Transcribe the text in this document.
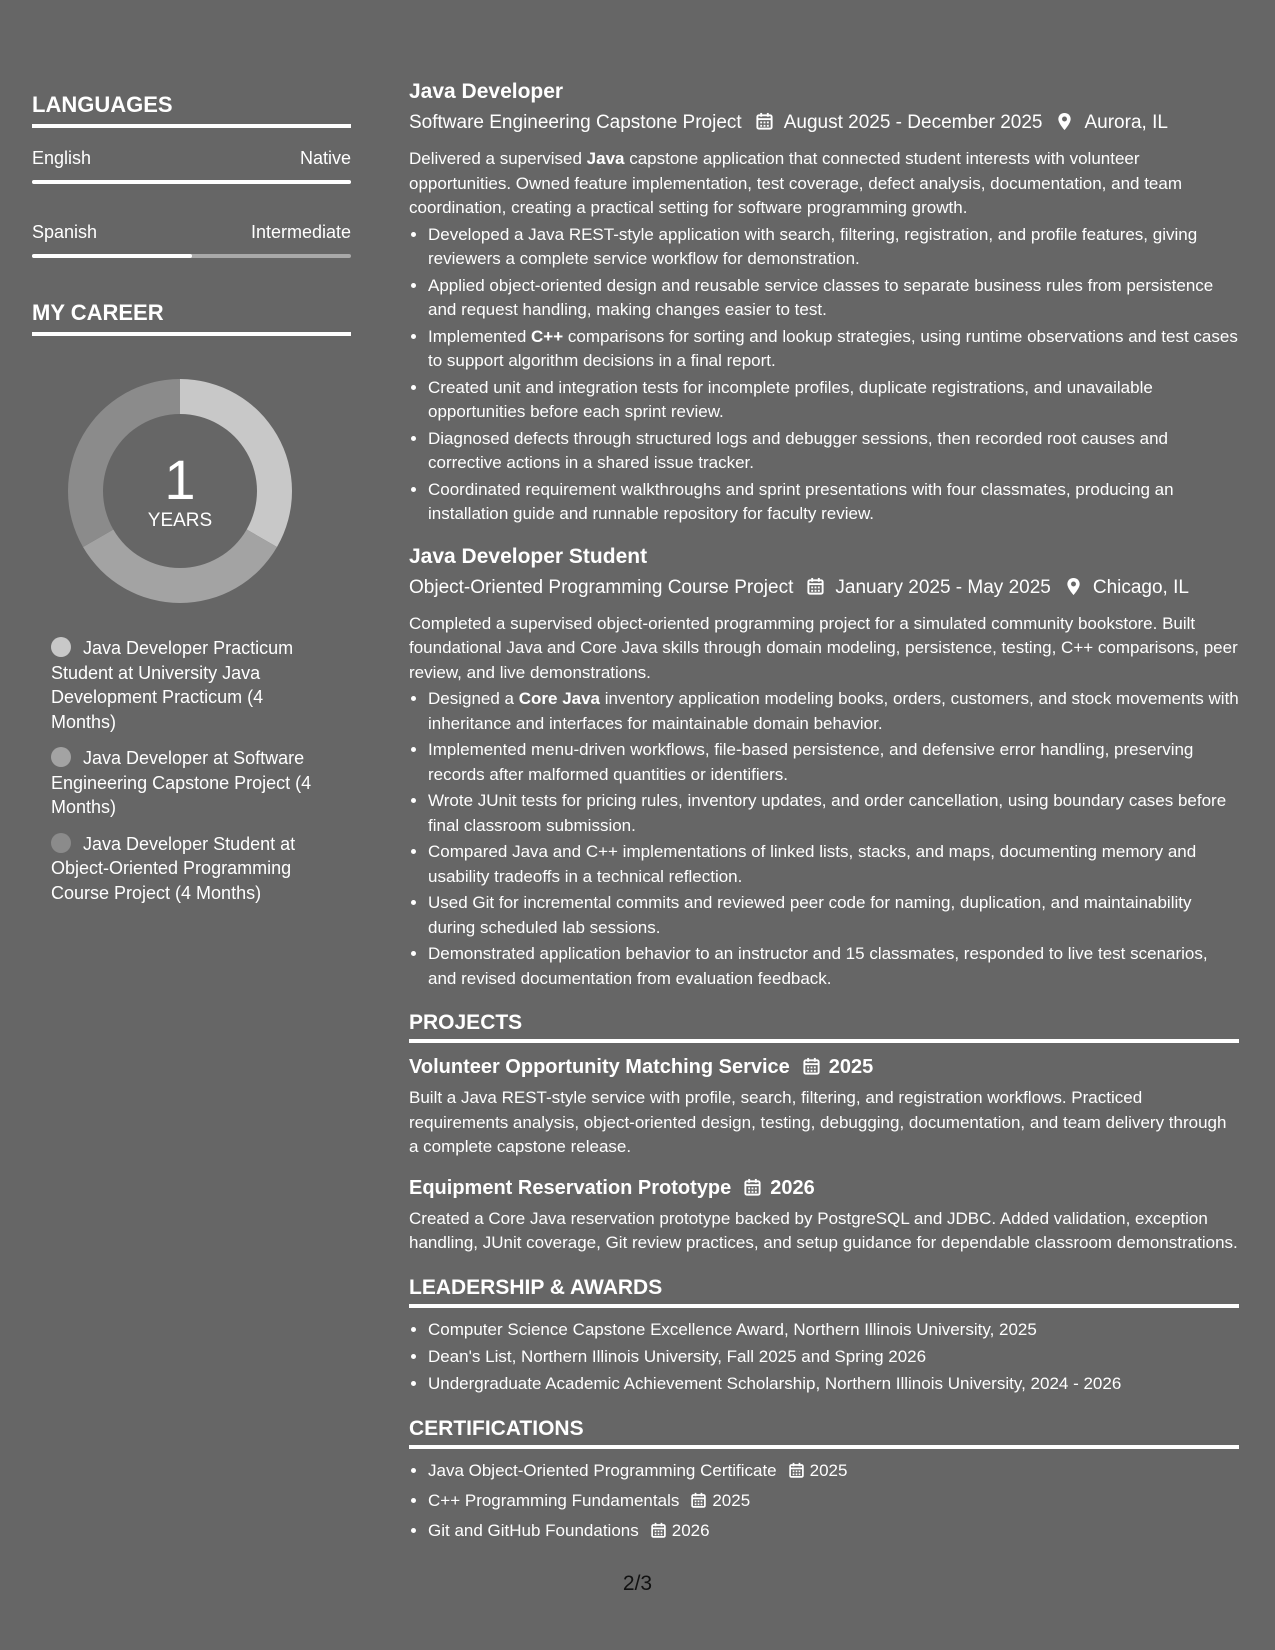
LANGUAGES
English	Native
Spanish	Intermediate
MY CAREER
1
YEARS
Java Developer Practicum Student at University Java Development Practicum (4 Months)
Java Developer at Software Engineering Capstone Project (4 Months)
Java Developer Student at Object-Oriented Programming Course Project (4 Months)
Java Developer
Software Engineering Capstone Project August 2025 - December 2025 Aurora, IL
Delivered a supervised Java capstone application that connected student interests with volunteer opportunities. Owned feature implementation, test coverage, defect analysis, documentation, and team coordination, creating a practical setting for software programming growth.
• Developed a Java REST-style application with search, filtering, registration, and profile features, giving reviewers a complete service workflow for demonstration.
• Applied object-oriented design and reusable service classes to separate business rules from persistence and request handling, making changes easier to test.
• Implemented C++ comparisons for sorting and lookup strategies, using runtime observations and test cases to support algorithm decisions in a final report.
• Created unit and integration tests for incomplete profiles, duplicate registrations, and unavailable opportunities before each sprint review.
• Diagnosed defects through structured logs and debugger sessions, then recorded root causes and corrective actions in a shared issue tracker.
• Coordinated requirement walkthroughs and sprint presentations with four classmates, producing an installation guide and runnable repository for faculty review.
Java Developer Student
Object-Oriented Programming Course Project January 2025 - May 2025 Chicago, IL
Completed a supervised object-oriented programming project for a simulated community bookstore. Built foundational Java and Core Java skills through domain modeling, persistence, testing, C++ comparisons, peer review, and live demonstrations.
• Designed a Core Java inventory application modeling books, orders, customers, and stock movements with inheritance and interfaces for maintainable domain behavior.
• Implemented menu-driven workflows, file-based persistence, and defensive error handling, preserving records after malformed quantities or identifiers.
• Wrote JUnit tests for pricing rules, inventory updates, and order cancellation, using boundary cases before final classroom submission.
• Compared Java and C++ implementations of linked lists, stacks, and maps, documenting memory and usability tradeoffs in a technical reflection.
• Used Git for incremental commits and reviewed peer code for naming, duplication, and maintainability during scheduled lab sessions.
• Demonstrated application behavior to an instructor and 15 classmates, responded to live test scenarios, and revised documentation from evaluation feedback.
PROJECTS
Volunteer Opportunity Matching Service 2025
Built a Java REST-style service with profile, search, filtering, and registration workflows. Practiced requirements analysis, object-oriented design, testing, debugging, documentation, and team delivery through a complete capstone release.
Equipment Reservation Prototype 2026
Created a Core Java reservation prototype backed by PostgreSQL and JDBC. Added validation, exception handling, JUnit coverage, Git review practices, and setup guidance for dependable classroom demonstrations.
LEADERSHIP & AWARDS
• Computer Science Capstone Excellence Award, Northern Illinois University, 2025
• Dean's List, Northern Illinois University, Fall 2025 and Spring 2026
• Undergraduate Academic Achievement Scholarship, Northern Illinois University, 2024 - 2026
CERTIFICATIONS
• Java Object-Oriented Programming Certificate 2025
• C++ Programming Fundamentals 2025
• Git and GitHub Foundations 2026
2/3
